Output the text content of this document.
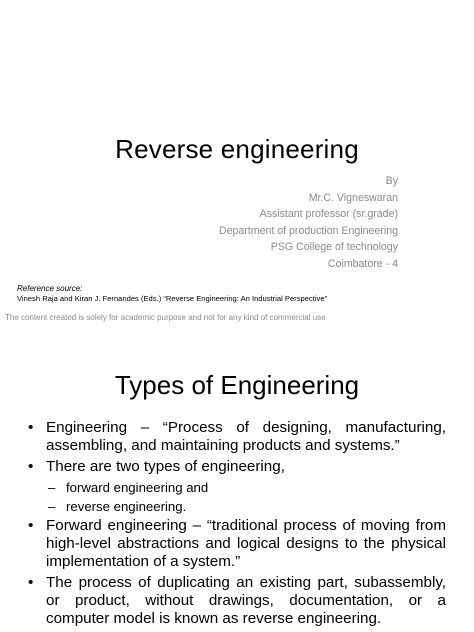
Reverse engineering
By
Mr.C. Vigneswaran
Assistant professor (sr.grade)
Department of production Engineering
PSG College of technology
Coimbatore - 4
Reference source:
Vinesh Raja and Kiran J. Fernandes (Eds.) “Reverse Engineering: An Industrial Perspective”
The content created is solely for academic purpose and not for any kind of commercial use
Types of Engineering
• Engineering – “Process of designing, manufacturing, assembling, and maintaining products and systems.”
• There are two types of engineering,
– forward engineering and
– reverse engineering.
• Forward engineering – “traditional process of moving from high-level abstractions and logical designs to the physical implementation of a system.”
• The process of duplicating an existing part, subassembly, or product, without drawings, documentation, or a computer model is known as reverse engineering.
